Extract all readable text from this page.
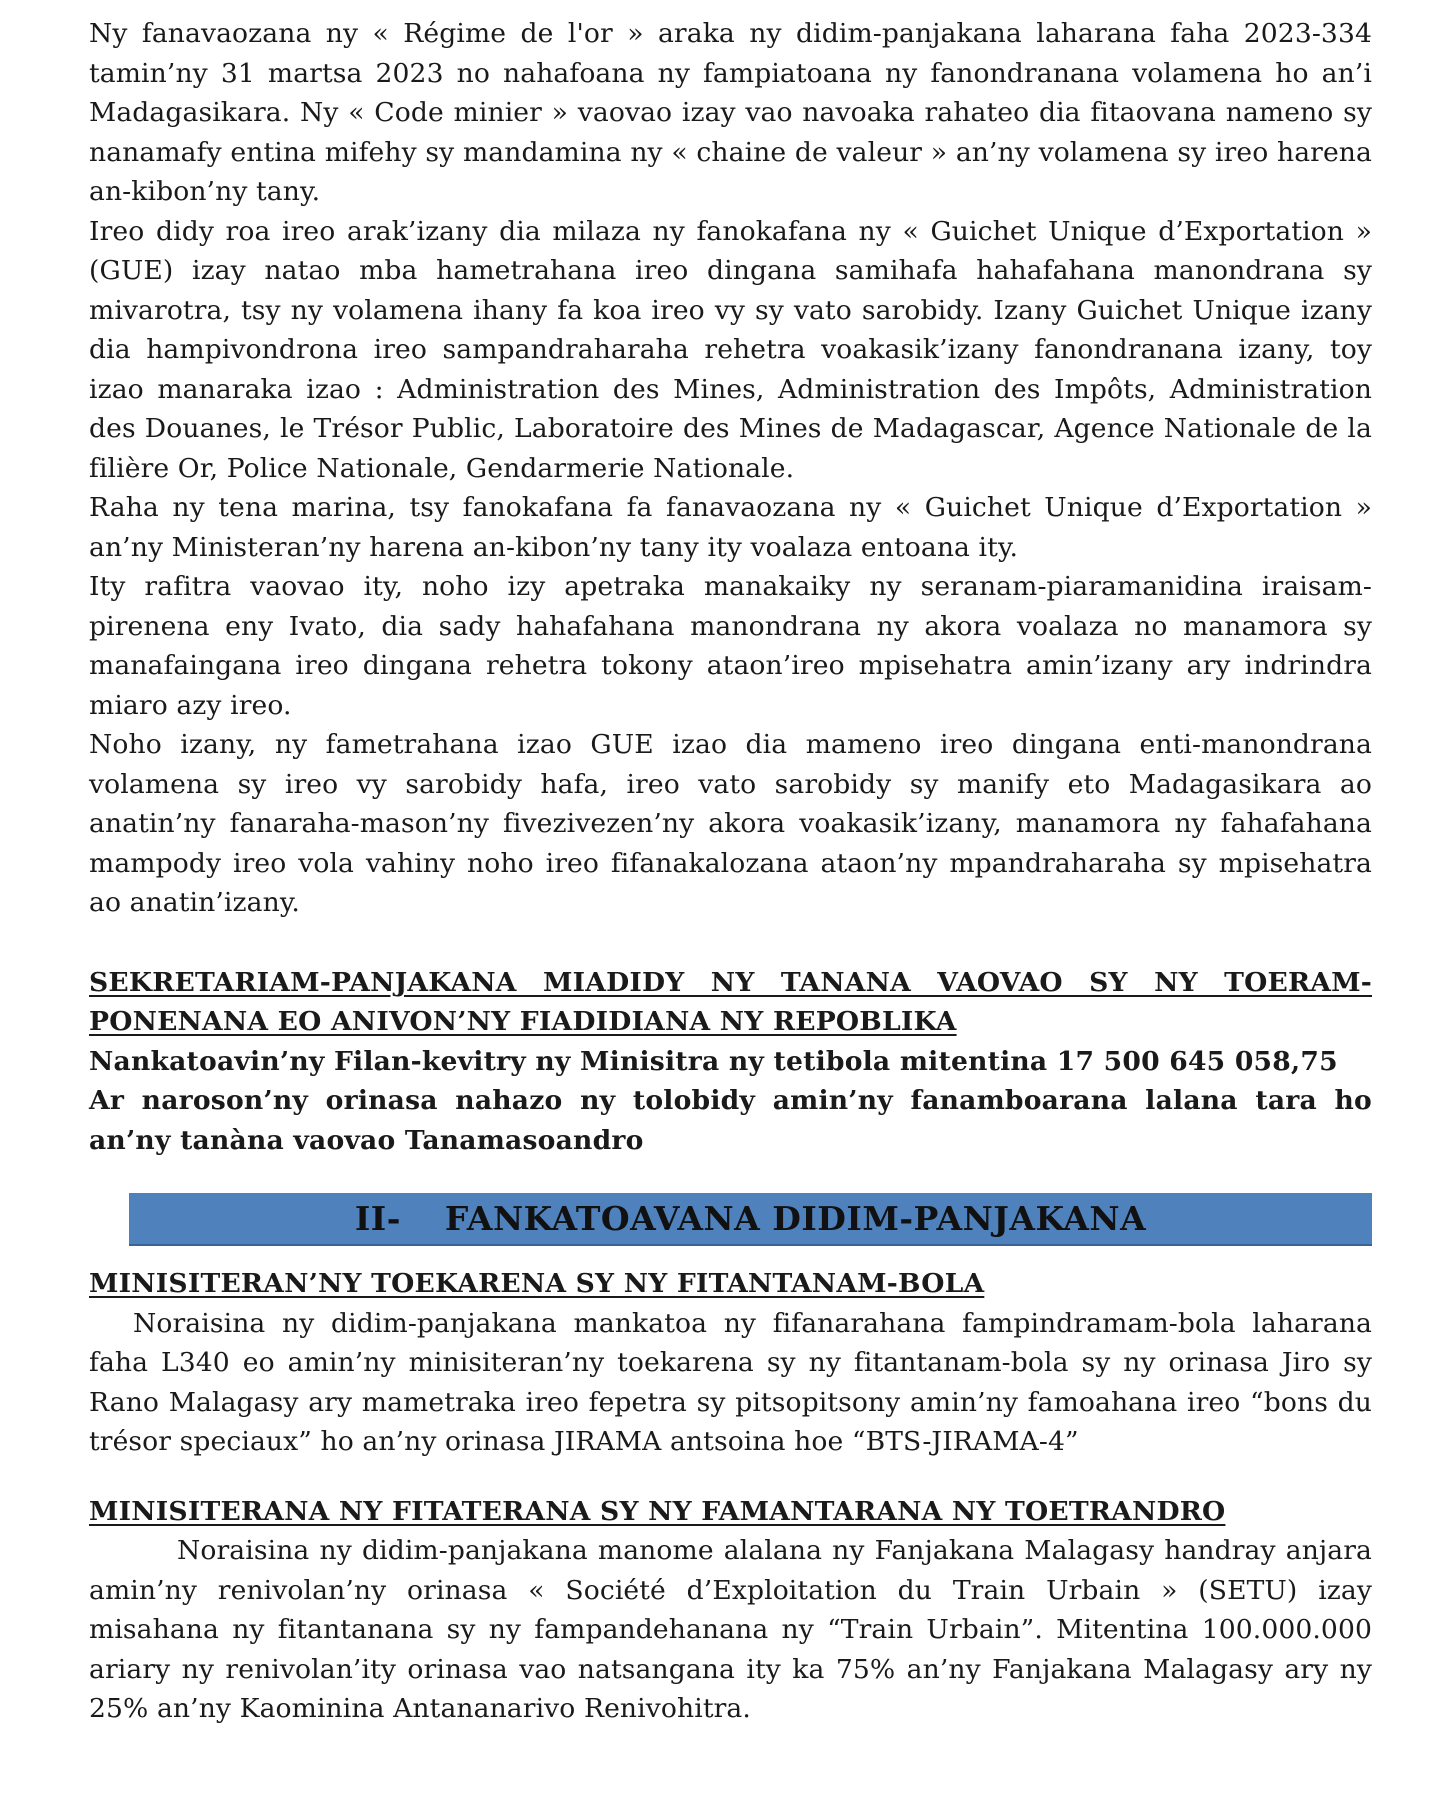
Ny fanavaozana ny « Régime de l'or » araka ny didim-panjakana laharana faha 2023-334 tamin’ny 31 martsa 2023 no nahafoana ny fampiatoana ny fanondranana volamena ho an’i Madagasikara. Ny « Code minier » vaovao izay vao navoaka rahateo dia fitaovana nameno sy nanamafy entina mifehy sy mandamina ny « chaine de valeur » an’ny volamena sy ireo harena an-kibon’ny tany.

Ireo didy roa ireo arak’izany dia milaza ny fanokafana ny « Guichet Unique d’Exportation » (GUE) izay natao mba hametrahana ireo dingana samihafa hahafahana manondrana sy mivarotra, tsy ny volamena ihany fa koa ireo vy sy vato sarobidy. Izany Guichet Unique izany dia hampivondrona ireo sampandraharaha rehetra voakasik’izany fanondranana izany, toy izao manaraka izao : Administration des Mines, Administration des Impôts, Administration des Douanes, le Trésor Public, Laboratoire des Mines de Madagascar, Agence Nationale de la filière Or, Police Nationale, Gendarmerie Nationale.

Raha ny tena marina, tsy fanokafana fa fanavaozana ny « Guichet Unique d’Exportation » an’ny Ministeran’ny harena an-kibon’ny tany ity voalaza entoana ity.

Ity rafitra vaovao ity, noho izy apetraka manakaiky ny seranam-piaramanidina iraisam-pirenena eny Ivato, dia sady hahafahana manondrana ny akora voalaza no manamora sy manafaingana ireo dingana rehetra tokony ataon’ireo mpisehatra amin’izany ary indrindra miaro azy ireo.

Noho izany, ny fametrahana izao GUE izao dia mameno ireo dingana enti-manondrana volamena sy ireo vy sarobidy hafa, ireo vato sarobidy sy manify eto Madagasikara ao anatin’ny fanaraha-mason’ny fivezivezen’ny akora voakasik’izany, manamora ny fahafahana mampody ireo vola vahiny noho ireo fifanakalozana ataon’ny mpandraharaha sy mpisehatra ao anatin’izany.

SEKRETARIAM-PANJAKANA MIADIDY NY TANANA VAOVAO SY NY TOERAM-PONENANA EO ANIVON’NY FIADIDIANA NY REPOBLIKA

Nankatoavin’ny Filan-kevitry ny Minisitra ny tetibola mitentina 17 500 645 058,75

Ar naroson’ny orinasa nahazo ny tolobidy amin’ny fanamboarana lalana tara ho an’ny tanàna vaovao Tanamasoandro

II- FANKATOAVANA DIDIM-PANJAKANA

MINISITERAN’NY TOEKARENA SY NY FITANTANAM-BOLA

Noraisina ny didim-panjakana mankatoa ny fifanarahana fampindramam-bola laharana faha L340 eo amin’ny minisiteran’ny toekarena sy ny fitantanam-bola sy ny orinasa Jiro sy Rano Malagasy ary mametraka ireo fepetra sy pitsopitsony amin’ny famoahana ireo “bons du trésor speciaux” ho an’ny orinasa JIRAMA antsoina hoe “BTS-JIRAMA-4”

MINISITERANA NY FITATERANA SY NY FAMANTARANA NY TOETRANDRO

Noraisina ny didim-panjakana manome alalana ny Fanjakana Malagasy handray anjara amin’ny renivolan’ny orinasa « Société d’Exploitation du Train Urbain » (SETU) izay misahana ny fitantanana sy ny fampandehanana ny “Train Urbain”. Mitentina 100.000.000 ariary ny renivolan’ity orinasa vao natsangana ity ka 75% an’ny Fanjakana Malagasy ary ny 25% an’ny Kaominina Antananarivo Renivohitra.
